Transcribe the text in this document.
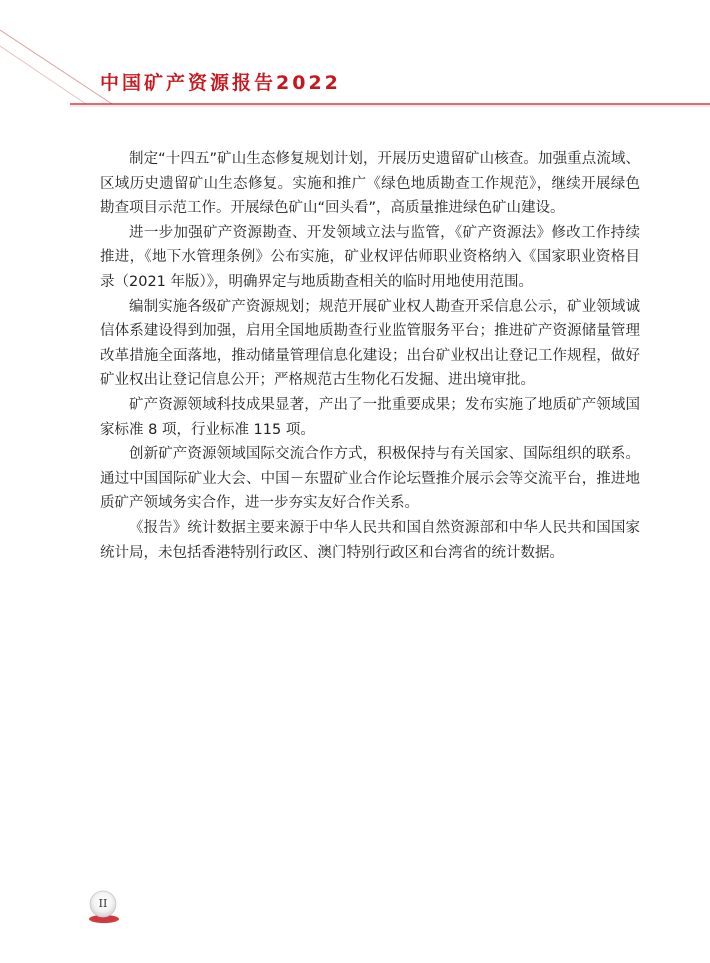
中国矿产资源报告2022

制定“十四五”矿山生态修复规划计划，开展历史遗留矿山核查。加强重点流域、区域历史遗留矿山生态修复。实施和推广《绿色地质勘查工作规范》，继续开展绿色勘查项目示范工作。开展绿色矿山“回头看”，高质量推进绿色矿山建设。

进一步加强矿产资源勘查、开发领域立法与监管，《矿产资源法》修改工作持续推进，《地下水管理条例》公布实施，矿业权评估师职业资格纳入《国家职业资格目录（2021 年版）》，明确界定与地质勘查相关的临时用地使用范围。

编制实施各级矿产资源规划；规范开展矿业权人勘查开采信息公示，矿业领域诚信体系建设得到加强，启用全国地质勘查行业监管服务平台；推进矿产资源储量管理改革措施全面落地，推动储量管理信息化建设；出台矿业权出让登记工作规程，做好矿业权出让登记信息公开；严格规范古生物化石发掘、进出境审批。

矿产资源领域科技成果显著，产出了一批重要成果；发布实施了地质矿产领域国家标准 8 项，行业标准 115 项。

创新矿产资源领域国际交流合作方式，积极保持与有关国家、国际组织的联系。通过中国国际矿业大会、中国－东盟矿业合作论坛暨推介展示会等交流平台，推进地质矿产领域务实合作，进一步夯实友好合作关系。

《报告》统计数据主要来源于中华人民共和国自然资源部和中华人民共和国国家统计局，未包括香港特别行政区、澳门特别行政区和台湾省的统计数据。

II
